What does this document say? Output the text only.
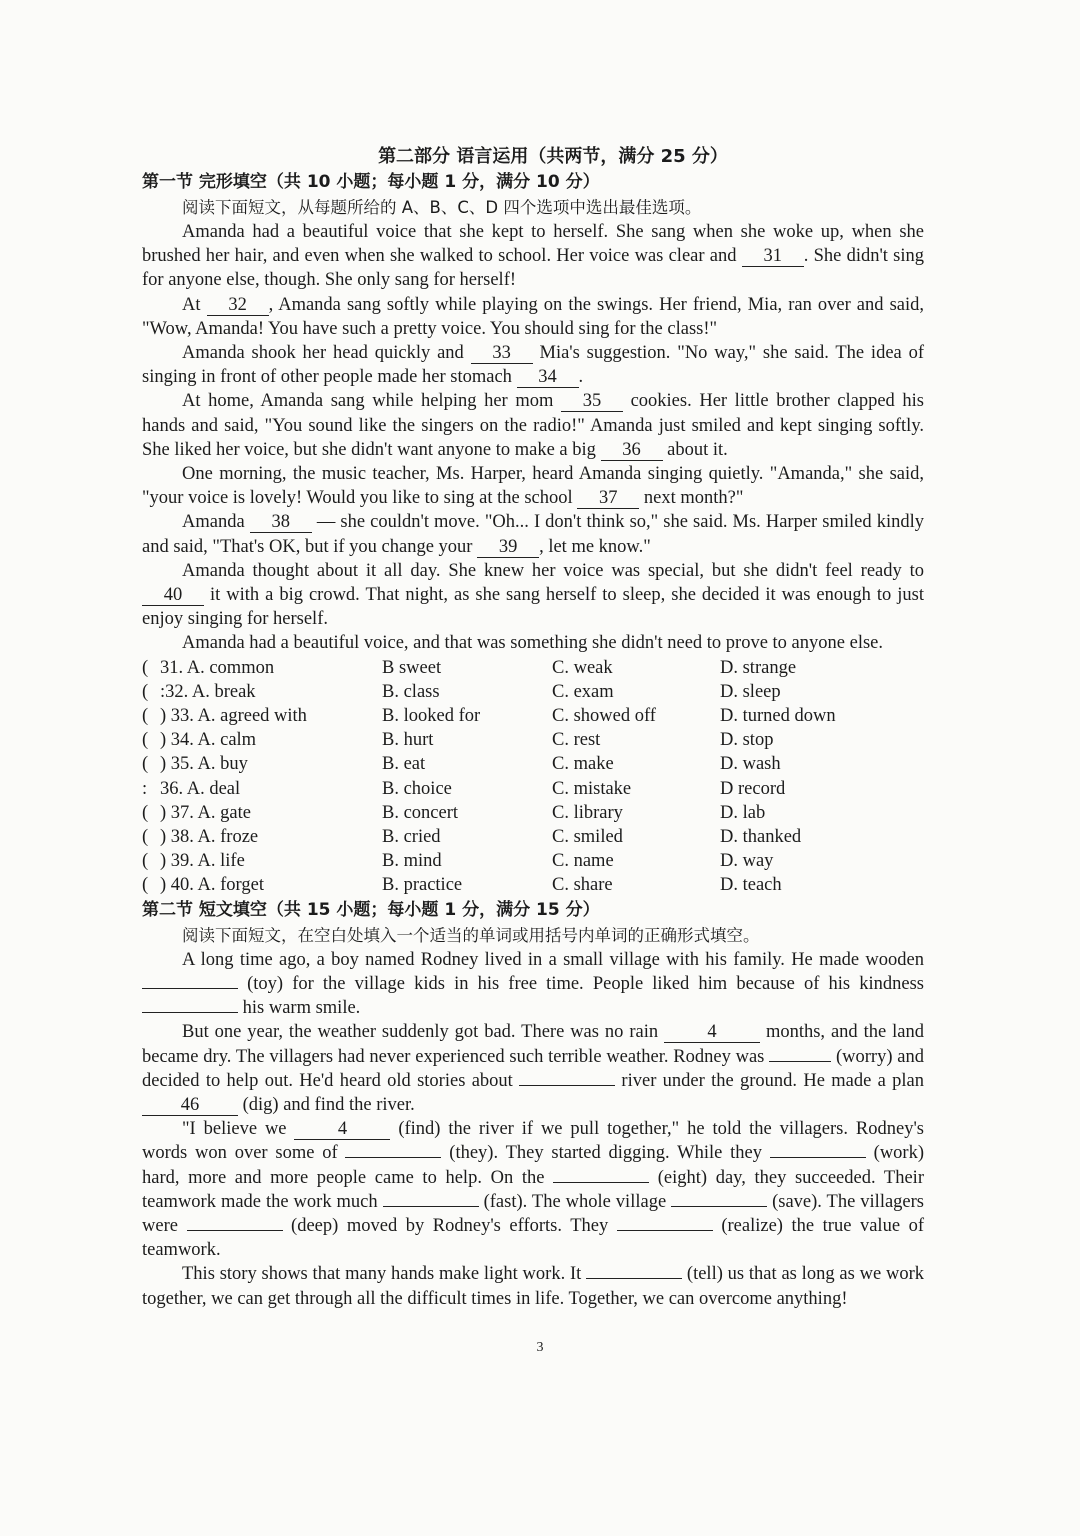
第二部分 语言运用（共两节，满分 25 分）
第一节 完形填空（共 10 小题；每小题 1 分，满分 10 分）
阅读下面短文，从每题所给的 A、B、C、D 四个选项中选出最佳选项。

Amanda had a beautiful voice that she kept to herself. She sang when she woke up, when she brushed her hair, and even when she walked to school. Her voice was clear and 31 . She didn't sing for anyone else, though. She only sang for herself!

At 32 , Amanda sang softly while playing on the swings. Her friend, Mia, ran over and said, "Wow, Amanda! You have such a pretty voice. You should sing for the class!"

Amanda shook her head quickly and 33 Mia's suggestion. "No way," she said. The idea of singing in front of other people made her stomach 34 .

At home, Amanda sang while helping her mom 35 cookies. Her little brother clapped his hands and said, "You sound like the singers on the radio!" Amanda just smiled and kept singing softly. She liked her voice, but she didn't want anyone to make a big 36 about it.

One morning, the music teacher, Ms. Harper, heard Amanda singing quietly. "Amanda," she said, "your voice is lovely! Would you like to sing at the school 37 next month?"

Amanda 38 — she couldn't move. "Oh... I don't think so," she said. Ms. Harper smiled kindly and said, "That's OK, but if you change your 39 , let me know."

Amanda thought about it all day. She knew her voice was special, but she didn't feel ready to 40 it with a big crowd. That night, as she sang herself to sleep, she decided it was enough to just enjoy singing for herself.

Amanda had a beautiful voice, and that was something she didn't need to prove to anyone else.

(	31. A. common	B sweet	C. weak	D. strange
(	:32. A. break	B. class	C. exam	D. sleep
(	) 33. A. agreed with	B. looked for	C. showed off	D. turned down
(	) 34. A. calm	B. hurt	C. rest	D. stop
(	) 35. A. buy	B. eat	C. make	D. wash
:	36. A. deal	B. choice	C. mistake	D record
(	) 37. A. gate	B. concert	C. library	D. lab
(	) 38. A. froze	B. cried	C. smiled	D. thanked
(	) 39. A. life	B. mind	C. name	D. way
(	) 40. A. forget	B. practice	C. share	D. teach
第二节 短文填空（共 15 小题；每小题 1 分，满分 15 分）
阅读下面短文，在空白处填入一个适当的单词或用括号内单词的正确形式填空。

A long time ago, a boy named Rodney lived in a small village with his family. He made wooden  (toy) for the village kids in his free time. People liked him because of his kindness  his warm smile.

But one year, the weather suddenly got bad. There was no rain 4 months, and the land became dry. The villagers had never experienced such terrible weather. Rodney was	(worry) and decided to help out. He'd heard old stories about	river under the ground. He made a plan 46 (dig) and find the river.

"I believe we 4 (find) the river if we pull together," he told the villagers. Rodney's words won over some of	(they). They started digging. While they	(work) hard, more and more people came to help. On the	(eight) day, they succeeded. Their teamwork made the work much	(fast). The whole village	(save). The villagers were	(deep) moved by Rodney's efforts. They	(realize) the true value of teamwork.

This story shows that many hands make light work. It	(tell) us that as long as we work together, we can get through all the difficult times in life. Together, we can overcome anything!

3
